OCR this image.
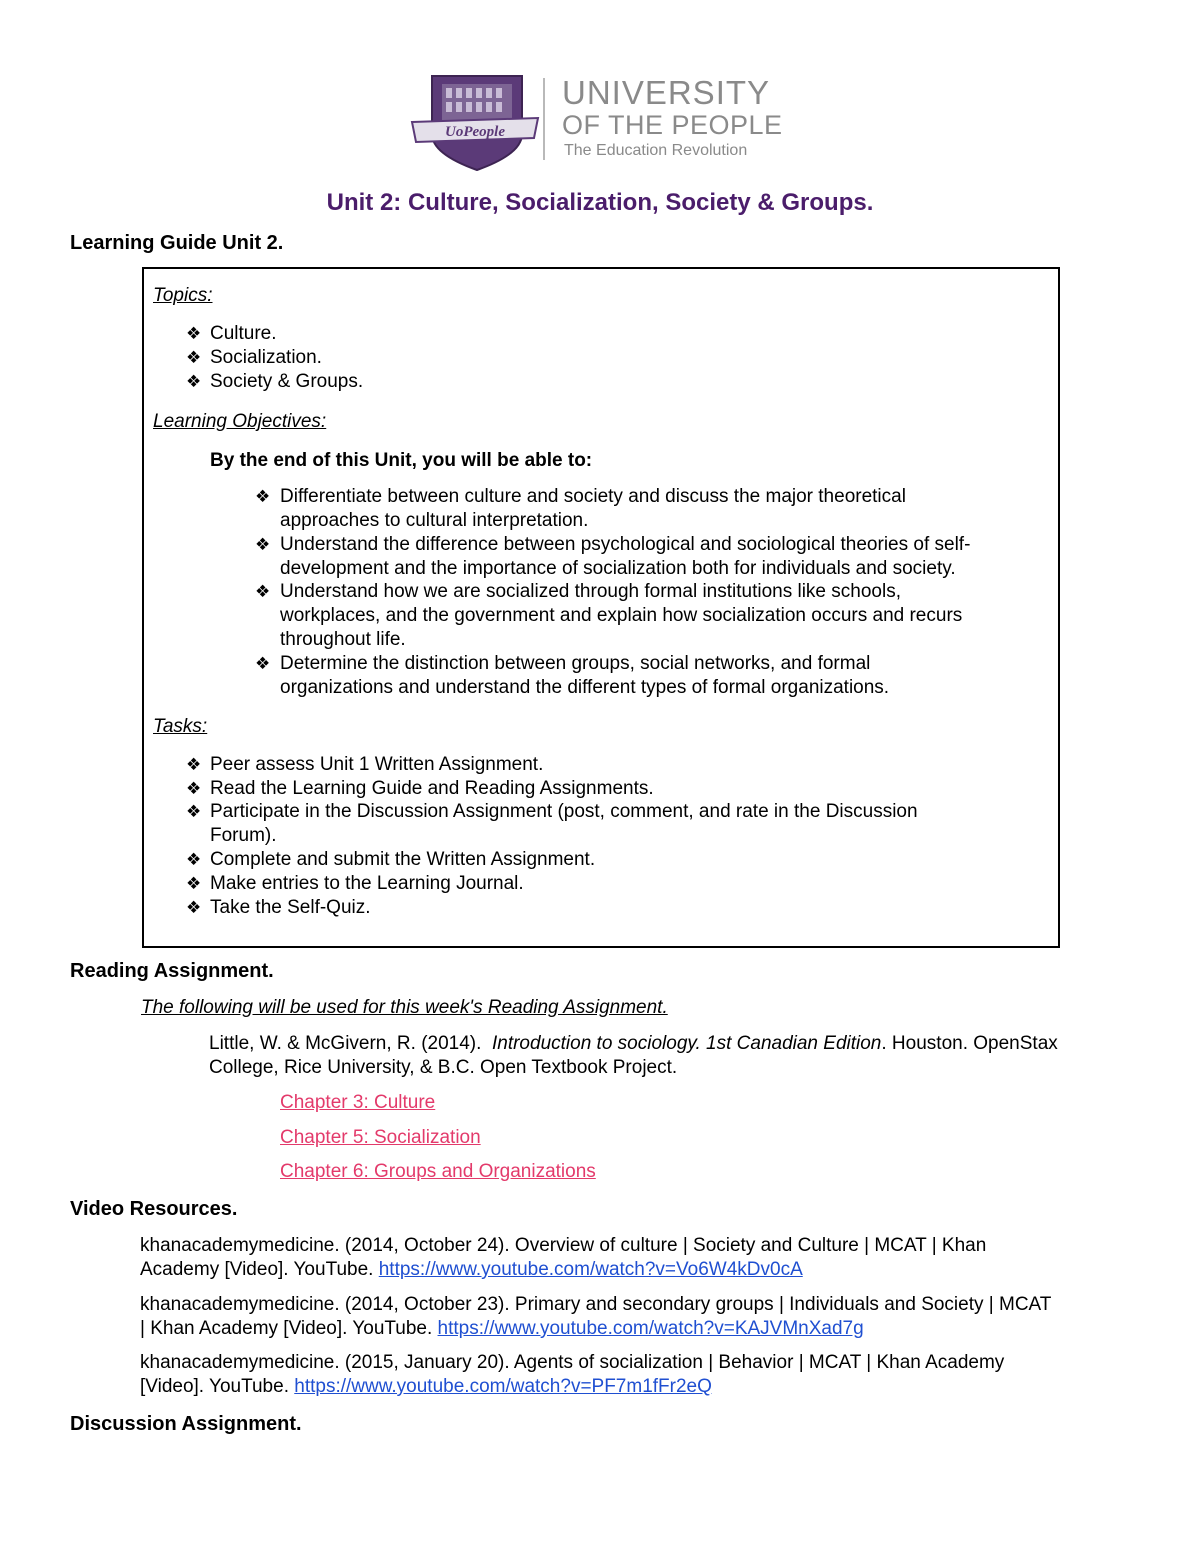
UoPeople
UNIVERSITY
OF THE PEOPLE
The Education Revolution
Unit 2: Culture, Socialization, Society & Groups.
Learning Guide Unit 2.
Topics:
❖ Culture.
❖ Socialization.
❖ Society & Groups.
Learning Objectives:
By the end of this Unit, you will be able to:
❖ Differentiate between culture and society and discuss the major theoretical
approaches to cultural interpretation.
❖ Understand the difference between psychological and sociological theories of self-
development and the importance of socialization both for individuals and society.
❖ Understand how we are socialized through formal institutions like schools,
workplaces, and the government and explain how socialization occurs and recurs
throughout life.
❖ Determine the distinction between groups, social networks, and formal
organizations and understand the different types of formal organizations.
Tasks:
❖ Peer assess Unit 1 Written Assignment.
❖ Read the Learning Guide and Reading Assignments.
❖ Participate in the Discussion Assignment (post, comment, and rate in the Discussion
Forum).
❖ Complete and submit the Written Assignment.
❖ Make entries to the Learning Journal.
❖ Take the Self-Quiz.
Reading Assignment.
The following will be used for this week's Reading Assignment.
Little, W. & McGivern, R. (2014). Introduction to sociology. 1st Canadian Edition. Houston. OpenStax
College, Rice University, & B.C. Open Textbook Project.
Chapter 3: Culture
Chapter 5: Socialization
Chapter 6: Groups and Organizations
Video Resources.
khanacademymedicine. (2014, October 24). Overview of culture | Society and Culture | MCAT | Khan
Academy [Video]. YouTube. https://www.youtube.com/watch?v=Vo6W4kDv0cA
khanacademymedicine. (2014, October 23). Primary and secondary groups | Individuals and Society | MCAT
| Khan Academy [Video]. YouTube. https://www.youtube.com/watch?v=KAJVMnXad7g
khanacademymedicine. (2015, January 20). Agents of socialization | Behavior | MCAT | Khan Academy
[Video]. YouTube. https://www.youtube.com/watch?v=PF7m1fFr2eQ
Discussion Assignment.
